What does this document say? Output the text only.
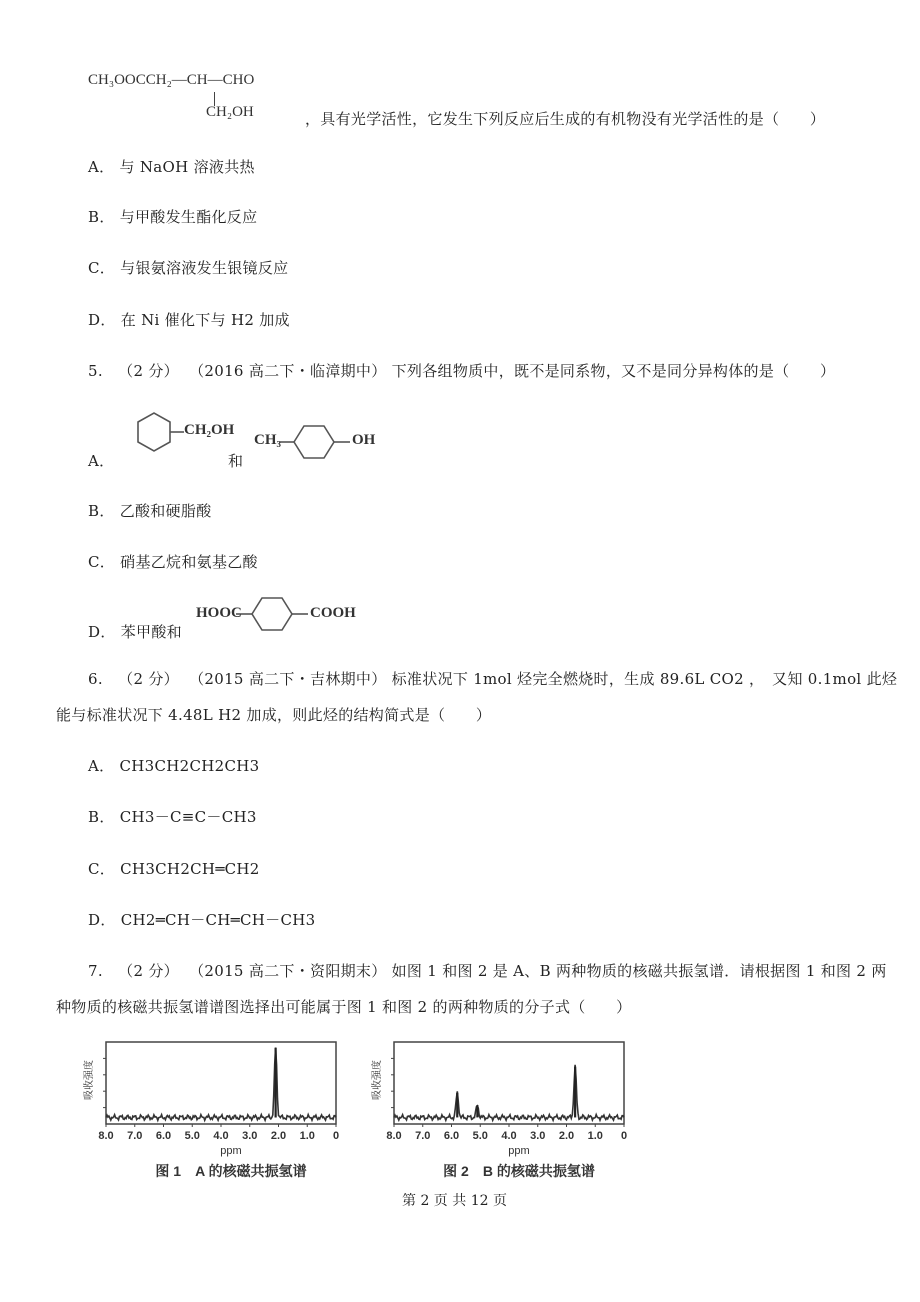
CH₃OOCCH₂—CH—CHO
CH₂OH	，具有光学活性，它发生下列反应后生成的有机物没有光学活性的是（　　）
A． 与 NaOH 溶液共热
B． 与甲酸发生酯化反应
C． 与银氨溶液发生银镜反应
D． 在 Ni 催化下与 H2 加成
5. （2 分） （2016 高二下・临漳期中） 下列各组物质中，既不是同系物，又不是同分异构体的是（　　）
A．
CH₂OH
和
CH₃	OH
B． 乙酸和硬脂酸
C． 硝基乙烷和氨基乙酸
D． 苯甲酸和
HOOC	COOH
6. （2 分） （2015 高二下・吉林期中） 标准状况下 1mol 烃完全燃烧时，生成 89.6L CO2 ，　又知 0.1mol 此烃
能与标准状况下 4.48L H2 加成，则此烃的结构简式是（　　）
A． CH3CH2CH2CH3
B． CH3－C≡C－CH3
C． CH3CH2CH═CH2
D． CH2═CH－CH═CH－CH3
7. （2 分） （2015 高二下・资阳期末） 如图 1 和图 2 是 A、B 两种物质的核磁共振氢谱．请根据图 1 和图 2 两
种物质的核磁共振氢谱谱图选择出可能属于图 1 和图 2 的两种物质的分子式（　　）
吸收强度
8.0 7.0 6.0 5.0 4.0 3.0 2.0 1.0 0
ppm
图 1　A 的核磁共振氢谱
吸收强度
8.0 7.0 6.0 5.0 4.0 3.0 2.0 1.0 0
ppm
图 2　B 的核磁共振氢谱
第 2 页 共 12 页
